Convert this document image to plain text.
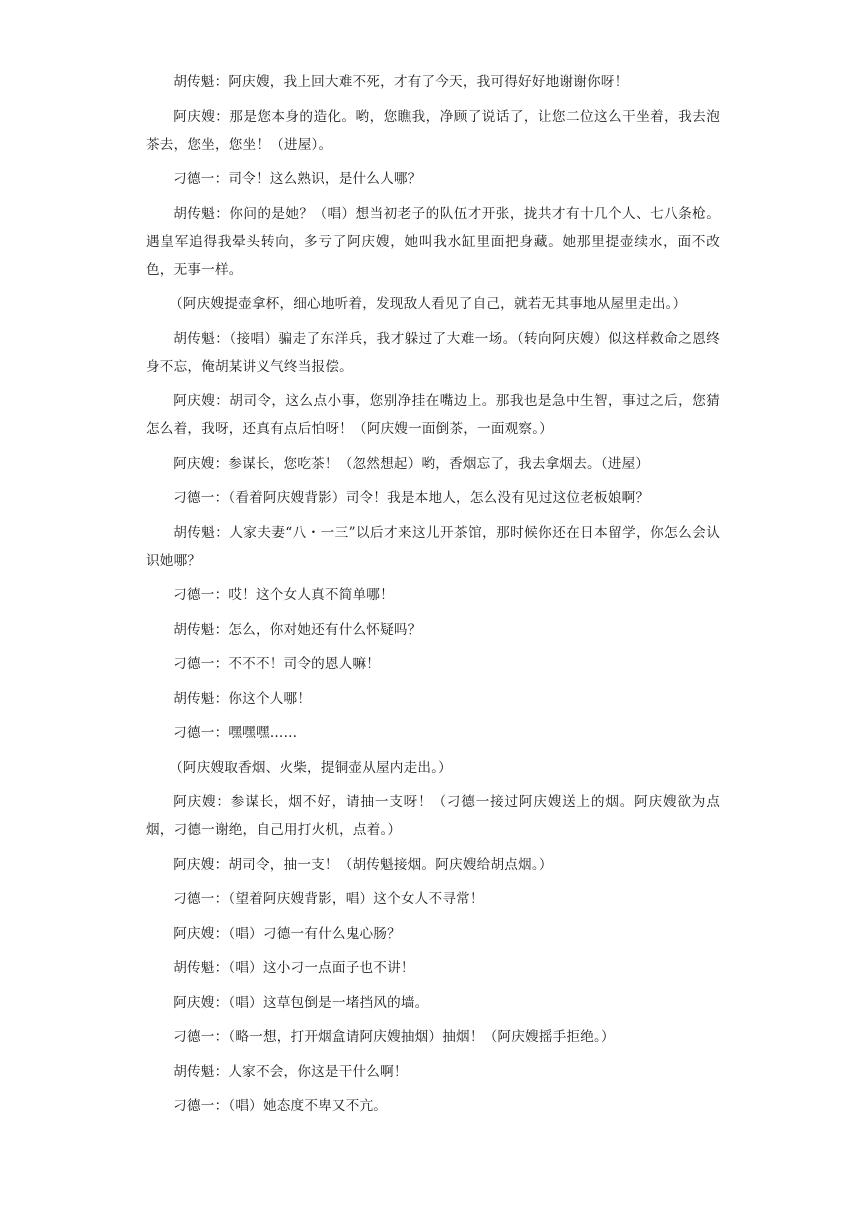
胡传魁：阿庆嫂，我上回大难不死，才有了今天，我可得好好地谢谢你呀！

阿庆嫂：那是您本身的造化。哟，您瞧我，净顾了说话了，让您二位这么干坐着，我去泡茶去，您坐，您坐！（进屋）。

刁德一：司令！这么熟识，是什么人哪？

胡传魁：你问的是她？（唱）想当初老子的队伍才开张，拢共才有十几个人、七八条枪。遇皇军追得我晕头转向，多亏了阿庆嫂，她叫我水缸里面把身藏。她那里提壶续水，面不改色，无事一样。

（阿庆嫂提壶拿杯，细心地听着，发现敌人看见了自己，就若无其事地从屋里走出。）

胡传魁：（接唱）骗走了东洋兵，我才躲过了大难一场。（转向阿庆嫂）似这样救命之恩终身不忘，俺胡某讲义气终当报偿。

阿庆嫂：胡司令，这么点小事，您别净挂在嘴边上。那我也是急中生智，事过之后，您猜怎么着，我呀，还真有点后怕呀！（阿庆嫂一面倒茶，一面观察。）

阿庆嫂：参谋长，您吃茶！（忽然想起）哟，香烟忘了，我去拿烟去。（进屋）

刁德一：（看着阿庆嫂背影）司令！我是本地人，怎么没有见过这位老板娘啊？

胡传魁：人家夫妻“八・一三”以后才来这儿开茶馆，那时候你还在日本留学，你怎么会认识她哪？

刁德一：哎！这个女人真不简单哪！

胡传魁：怎么，你对她还有什么怀疑吗？

刁德一：不不不！司令的恩人嘛！

胡传魁：你这个人哪！

刁德一：嘿嘿嘿……

（阿庆嫂取香烟、火柴，提铜壶从屋内走出。）

阿庆嫂：参谋长，烟不好，请抽一支呀！（刁德一接过阿庆嫂送上的烟。阿庆嫂欲为点烟，刁德一谢绝，自己用打火机，点着。）

阿庆嫂：胡司令，抽一支！（胡传魁接烟。阿庆嫂给胡点烟。）

刁德一：（望着阿庆嫂背影，唱）这个女人不寻常！

阿庆嫂：（唱）刁德一有什么鬼心肠？

胡传魁：（唱）这小刁一点面子也不讲！

阿庆嫂：（唱）这草包倒是一堵挡风的墙。

刁德一：（略一想，打开烟盒请阿庆嫂抽烟）抽烟！（阿庆嫂摇手拒绝。）

胡传魁：人家不会，你这是干什么啊！

刁德一：（唱）她态度不卑又不亢。
